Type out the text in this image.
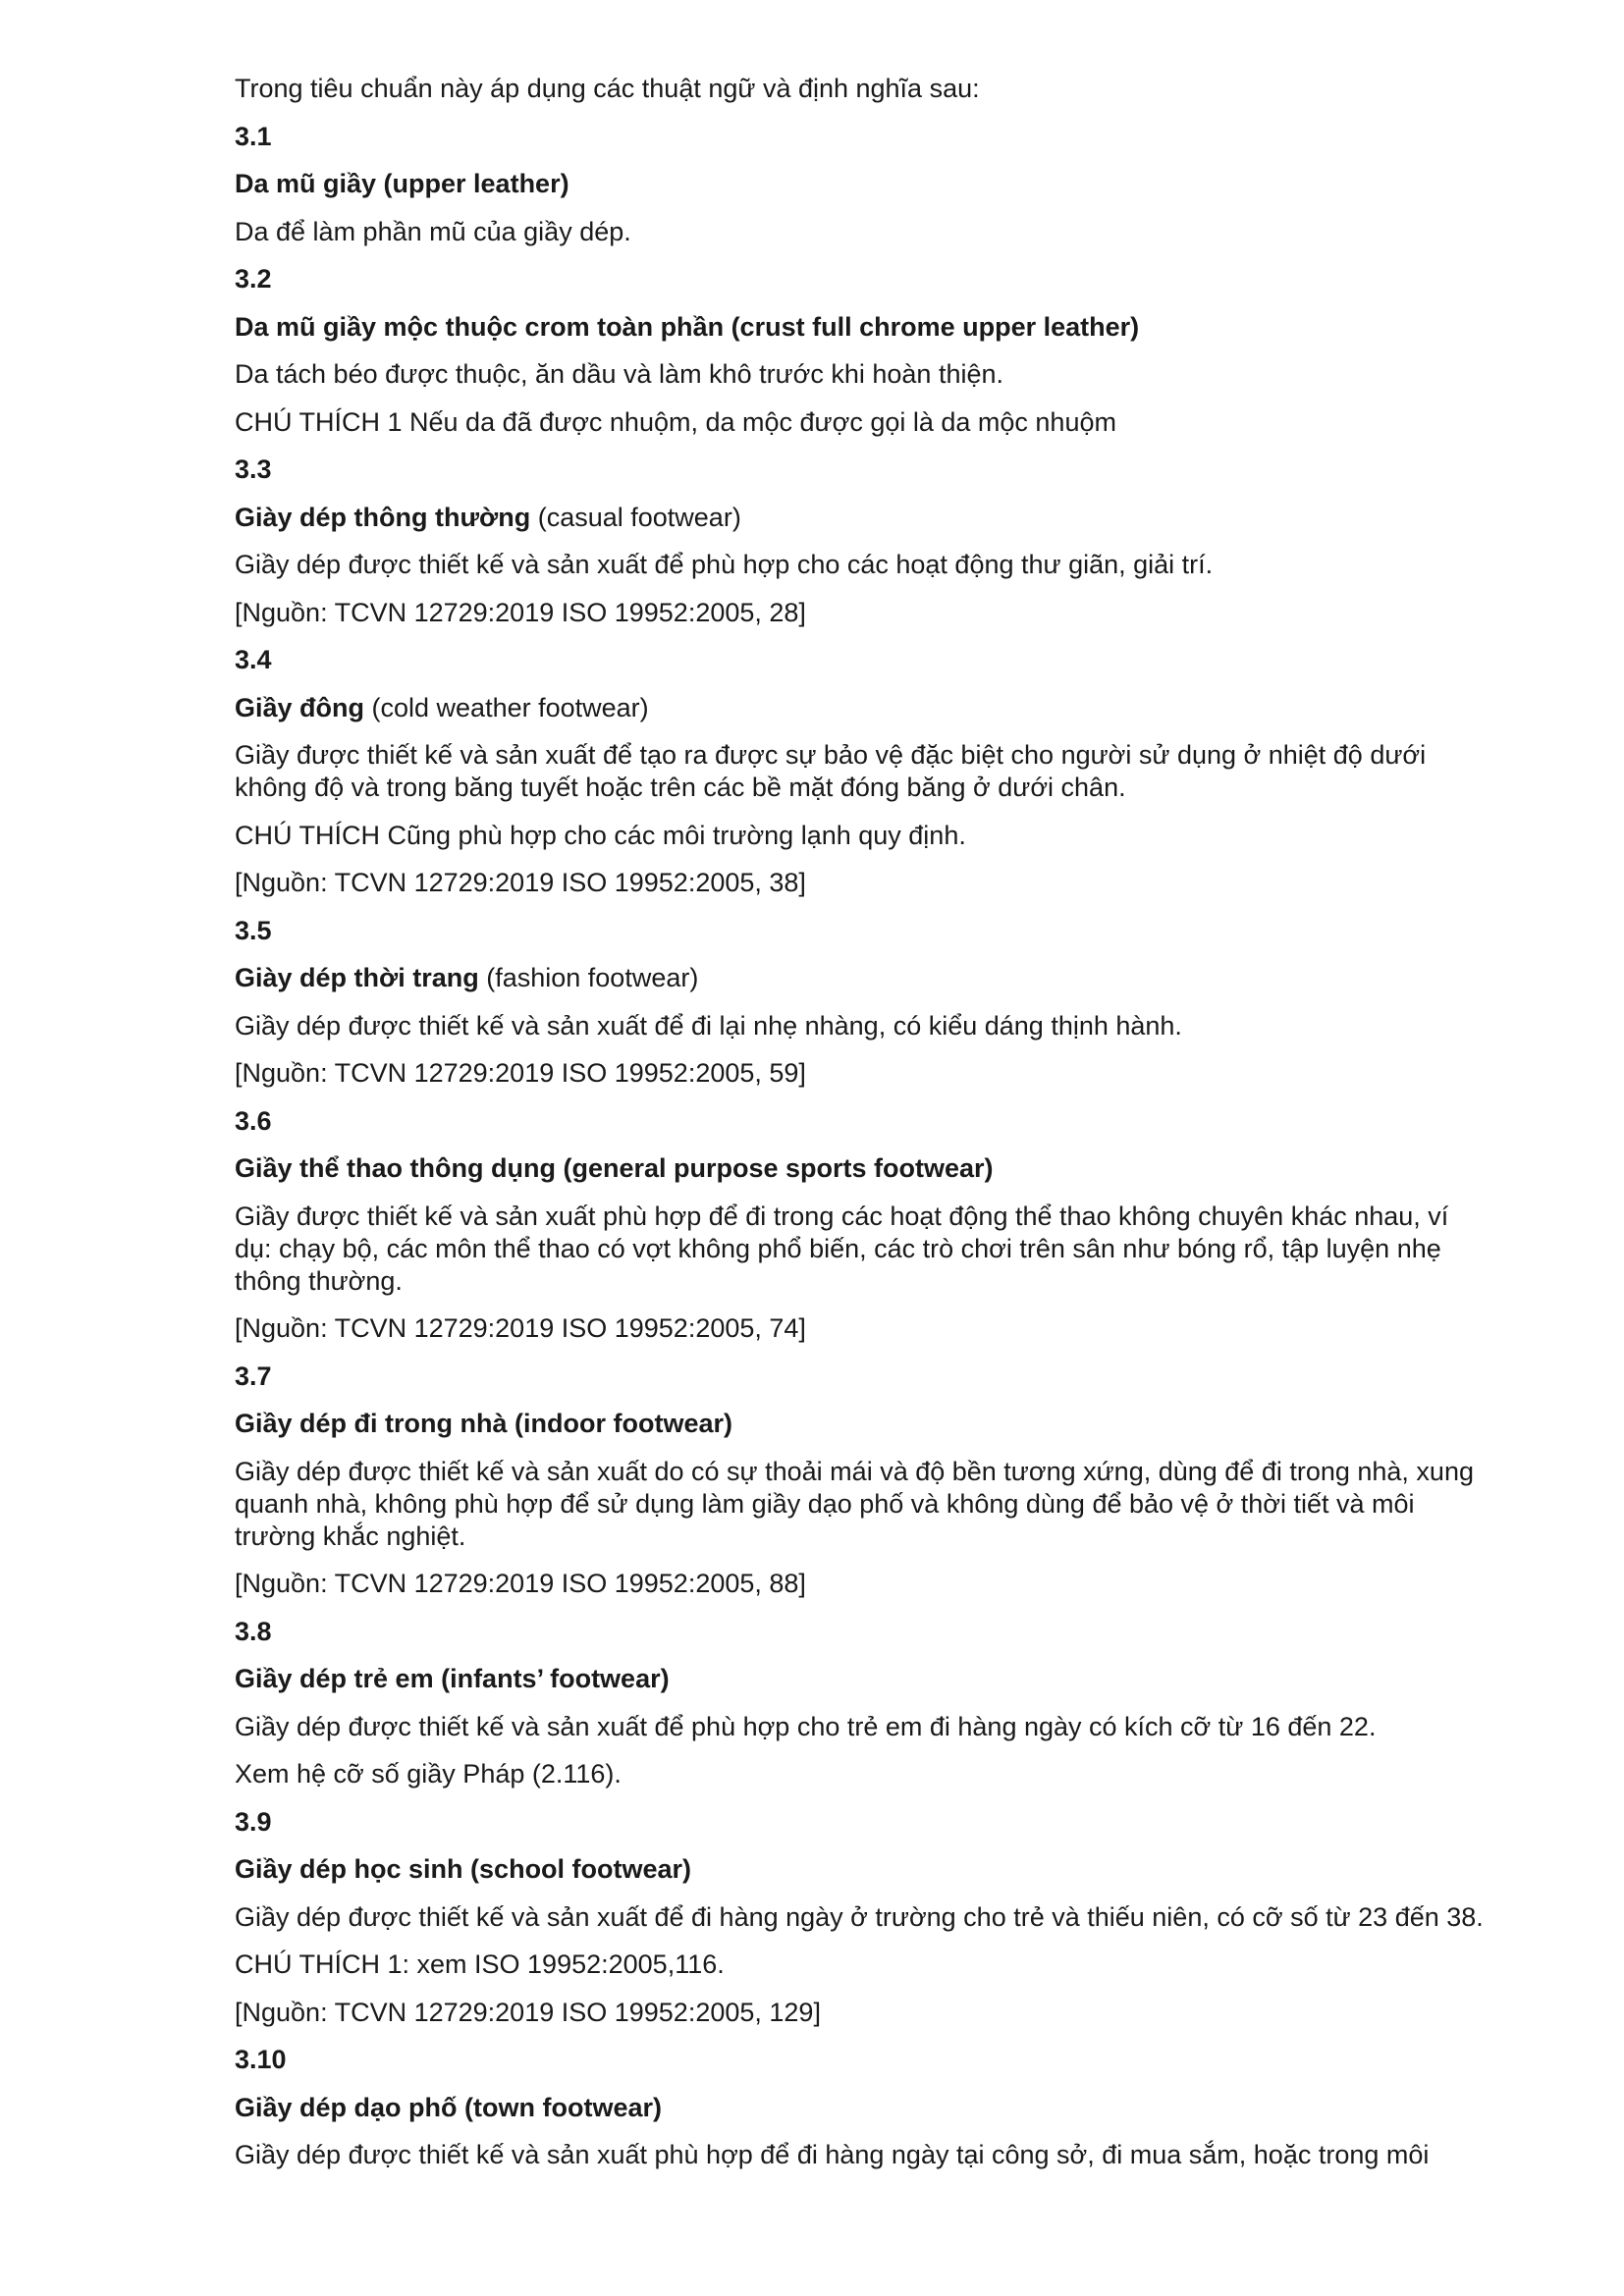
Trong tiêu chuẩn này áp dụng các thuật ngữ và định nghĩa sau:

3.1

Da mũ giầy (upper leather)

Da để làm phần mũ của giầy dép.

3.2

Da mũ giầy mộc thuộc crom toàn phần (crust full chrome upper leather)

Da tách béo được thuộc, ăn dầu và làm khô trước khi hoàn thiện.

CHÚ THÍCH 1 Nếu da đã được nhuộm, da mộc được gọi là da mộc nhuộm

3.3

Giày dép thông thường (casual footwear)

Giầy dép được thiết kế và sản xuất để phù hợp cho các hoạt động thư giãn, giải trí.

[Nguồn: TCVN 12729:2019 ISO 19952:2005, 28]

3.4

Giầy đông (cold weather footwear)

Giầy được thiết kế và sản xuất để tạo ra được sự bảo vệ đặc biệt cho người sử dụng ở nhiệt độ dưới không độ và trong băng tuyết hoặc trên các bề mặt đóng băng ở dưới chân.

CHÚ THÍCH Cũng phù hợp cho các môi trường lạnh quy định.

[Nguồn: TCVN 12729:2019 ISO 19952:2005, 38]

3.5

Giày dép thời trang (fashion footwear)

Giầy dép được thiết kế và sản xuất để đi lại nhẹ nhàng, có kiểu dáng thịnh hành.

[Nguồn: TCVN 12729:2019 ISO 19952:2005, 59]

3.6

Giầy thể thao thông dụng (general purpose sports footwear)

Giầy được thiết kế và sản xuất phù hợp để đi trong các hoạt động thể thao không chuyên khác nhau, ví dụ: chạy bộ, các môn thể thao có vợt không phổ biến, các trò chơi trên sân như bóng rổ, tập luyện nhẹ thông thường.

[Nguồn: TCVN 12729:2019 ISO 19952:2005, 74]

3.7

Giầy dép đi trong nhà (indoor footwear)

Giầy dép được thiết kế và sản xuất do có sự thoải mái và độ bền tương xứng, dùng để đi trong nhà, xung quanh nhà, không phù hợp để sử dụng làm giầy dạo phố và không dùng để bảo vệ ở thời tiết và môi trường khắc nghiệt.

[Nguồn: TCVN 12729:2019 ISO 19952:2005, 88]

3.8

Giầy dép trẻ em (infants’ footwear)

Giầy dép được thiết kế và sản xuất để phù hợp cho trẻ em đi hàng ngày có kích cỡ từ 16 đến 22.

Xem hệ cỡ số giầy Pháp (2.116).

3.9

Giầy dép học sinh (school footwear)

Giầy dép được thiết kế và sản xuất để đi hàng ngày ở trường cho trẻ và thiếu niên, có cỡ số từ 23 đến 38.

CHÚ THÍCH 1: xem ISO 19952:2005,116.

[Nguồn: TCVN 12729:2019 ISO 19952:2005, 129]

3.10

Giầy dép dạo phố (town footwear)

Giầy dép được thiết kế và sản xuất phù hợp để đi hàng ngày tại công sở, đi mua sắm, hoặc trong môi
